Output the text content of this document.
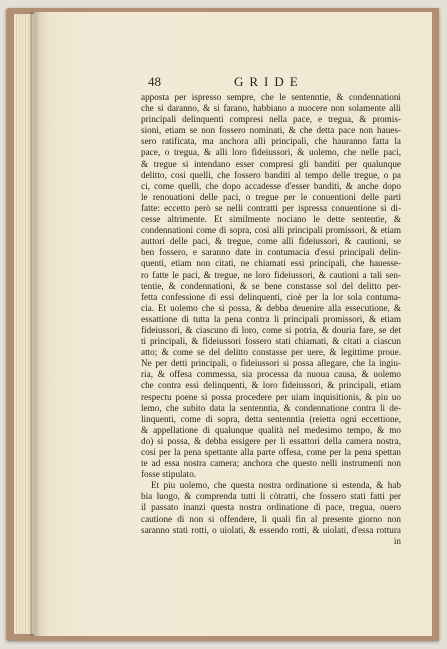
48	GRIDE
apposta per ispresso sempre, che le sentenntie, & condennationi
che si daranno, & si farano, habbiano a nuocere non solamente alli
principali delinquenti compresi nella pace, e tregua, & promis-
sioni, etiam se non fossero nominati, & che detta pace non haues-
sero ratificata, ma anchora alli principali, che hauranno fatta la
pace, o tregua, & alli loro fideiussori, & uolemo, che nelle paci,
& tregue si intendano esser compresi gli banditi per qualunque
delitto, cosi quelli, che fossero banditi al tempo delle tregue, o pa
ci, come quelli, che dopo accadesse d'esser banditi, & anche dopo
le renouationi delle paci, o tregue per le conuentioni delle parti
fatte: eccetto però se nelli contratti per ispressa conuentione si di-
cesse altrimente. Et similmente nociano le dette sententie, &
condennationi come di sopra, cosi alli principali promissori, & etiam
auttori delle paci, & tregue, come alli fideiussori, & cautioni, se
ben fossero, e saranno date in contumacia d'essi principali delin-
quenti, etiam non citati, ne chiamati essi principali, che hauesse-
ro fatte le paci, & tregue, ne loro fideiussori, & cautioni a tali sen-
tentie, & condennationi, & se bene constasse sol del delitto per-
fetta confessione di essi delinquenti, cioè per la lor sola contuma-
cia. Et uolemo che si possa, & debba deuenire alla essecutione, &
essattione di tutta la pena contra li principali promissori, & etiam
fideiussori, & ciascuno di loro, come si potria, & douria fare, se det
ti principali, & fideiussori fossero stati chiamati, & citati a ciascun
atto; & come se del delitto constasse per uere, & legittime proue.
Ne per detti principali, o fideiussori si possa allegare, che la ingiu-
ria, & offesa commessa, sia processa da nuoua causa, & uolemo
che contra essi delinquenti, & loro fideiussori, & principali, etiam
respectu poene si possa procedere per uiam inquisitionis, & piu uo
lemo, che subito data la sentenntia, & condennatione contra li de-
linquenti, come di sopra, detta sentenntia (reietta ogni eccettione,
& appellatione di qualunque qualità nel medesimo tempo, & mo
do) si possa, & debba essigere per li essattori della camera nostra,
cosi per la pena spettante alla parte offesa, come per la pena spettan
te ad essa nostra camera; anchora che questo nelli instrumenti non
fosse stipulato.
Et piu uolemo, che questa nostra ordinatione si estenda, & hab
bia luogo, & comprenda tutti li còtratti, che fossero stati fatti per
il passato inanzi questa nostra ordinatione di pace, tregua, ouero
cautione di non si offendere, li quali fin al presente giorno non
saranno stati rotti, o uiolati, & essendo rotti, & uiolati, d'essa rottura
in
